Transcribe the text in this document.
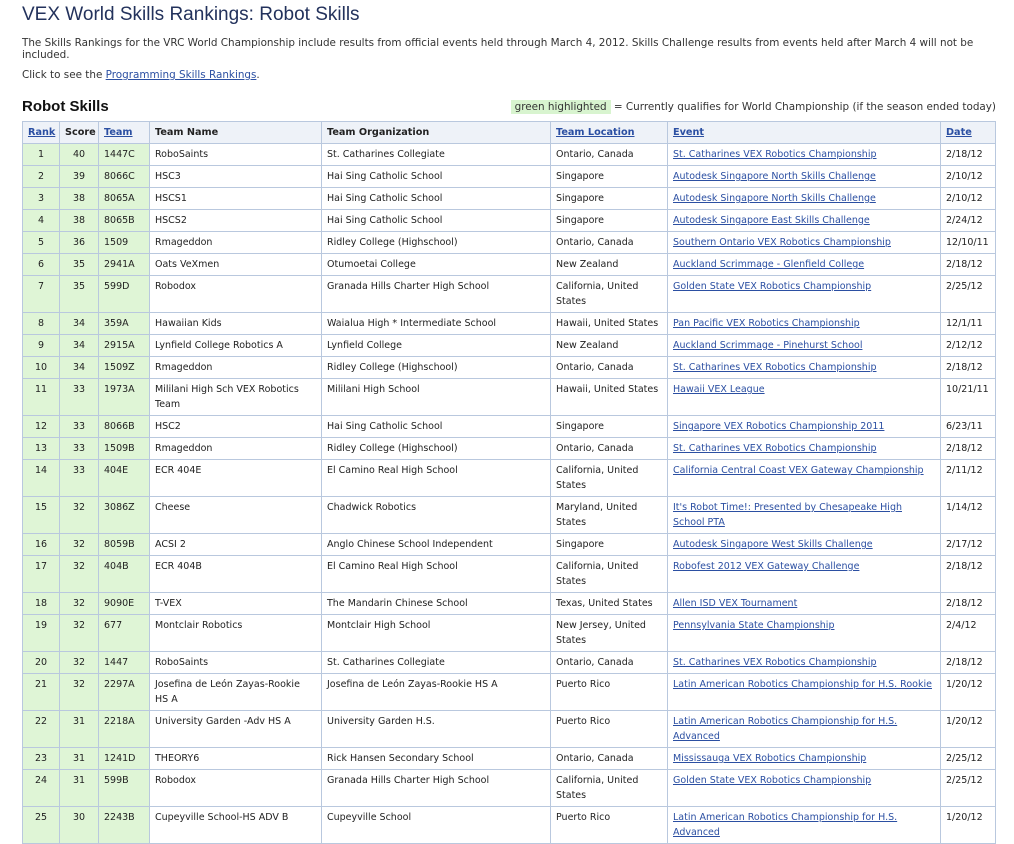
VEX World Skills Rankings: Robot Skills
The Skills Rankings for the VRC World Championship include results from official events held through March 4, 2012. Skills Challenge results from events held after March 4 will not be included.
Click to see the Programming Skills Rankings.
Robot Skills	green highlighted = Currently qualifies for World Championship (if the season ended today)
Rank	Score	Team	Team Name	Team Organization	Team Location	Event	Date
1	40	1447C	RoboSaints	St. Catharines Collegiate	Ontario, Canada	St. Catharines VEX Robotics Championship	2/18/12
2	39	8066C	HSC3	Hai Sing Catholic School	Singapore	Autodesk Singapore North Skills Challenge	2/10/12
3	38	8065A	HSCS1	Hai Sing Catholic School	Singapore	Autodesk Singapore North Skills Challenge	2/10/12
4	38	8065B	HSCS2	Hai Sing Catholic School	Singapore	Autodesk Singapore East Skills Challenge	2/24/12
5	36	1509	Rmageddon	Ridley College (Highschool)	Ontario, Canada	Southern Ontario VEX Robotics Championship	12/10/11
6	35	2941A	Oats VeXmen	Otumoetai College	New Zealand	Auckland Scrimmage - Glenfield College	2/18/12
7	35	599D	Robodox	Granada Hills Charter High School	California, United States	Golden State VEX Robotics Championship	2/25/12
8	34	359A	Hawaiian Kids	Waialua High * Intermediate School	Hawaii, United States	Pan Pacific VEX Robotics Championship	12/1/11
9	34	2915A	Lynfield College Robotics A	Lynfield College	New Zealand	Auckland Scrimmage - Pinehurst School	2/12/12
10	34	1509Z	Rmageddon	Ridley College (Highschool)	Ontario, Canada	St. Catharines VEX Robotics Championship	2/18/12
11	33	1973A	Mililani High Sch VEX Robotics Team	Mililani High School	Hawaii, United States	Hawaii VEX League	10/21/11
12	33	8066B	HSC2	Hai Sing Catholic School	Singapore	Singapore VEX Robotics Championship 2011	6/23/11
13	33	1509B	Rmageddon	Ridley College (Highschool)	Ontario, Canada	St. Catharines VEX Robotics Championship	2/18/12
14	33	404E	ECR 404E	El Camino Real High School	California, United States	California Central Coast VEX Gateway Championship	2/11/12
15	32	3086Z	Cheese	Chadwick Robotics	Maryland, United States	It's Robot Time!: Presented by Chesapeake High School PTA	1/14/12
16	32	8059B	ACSI 2	Anglo Chinese School Independent	Singapore	Autodesk Singapore West Skills Challenge	2/17/12
17	32	404B	ECR 404B	El Camino Real High School	California, United States	Robofest 2012 VEX Gateway Challenge	2/18/12
18	32	9090E	T-VEX	The Mandarin Chinese School	Texas, United States	Allen ISD VEX Tournament	2/18/12
19	32	677	Montclair Robotics	Montclair High School	New Jersey, United States	Pennsylvania State Championship	2/4/12
20	32	1447	RoboSaints	St. Catharines Collegiate	Ontario, Canada	St. Catharines VEX Robotics Championship	2/18/12
21	32	2297A	Josefina de León Zayas-Rookie HS A	Josefina de León Zayas-Rookie HS A	Puerto Rico	Latin American Robotics Championship for H.S. Rookie	1/20/12
22	31	2218A	University Garden -Adv HS A	University Garden H.S.	Puerto Rico	Latin American Robotics Championship for H.S. Advanced	1/20/12
23	31	1241D	THEORY6	Rick Hansen Secondary School	Ontario, Canada	Mississauga VEX Robotics Championship	2/25/12
24	31	599B	Robodox	Granada Hills Charter High School	California, United States	Golden State VEX Robotics Championship	2/25/12
25	30	2243B	Cupeyville School-HS ADV B	Cupeyville School	Puerto Rico	Latin American Robotics Championship for H.S. Advanced	1/20/12
